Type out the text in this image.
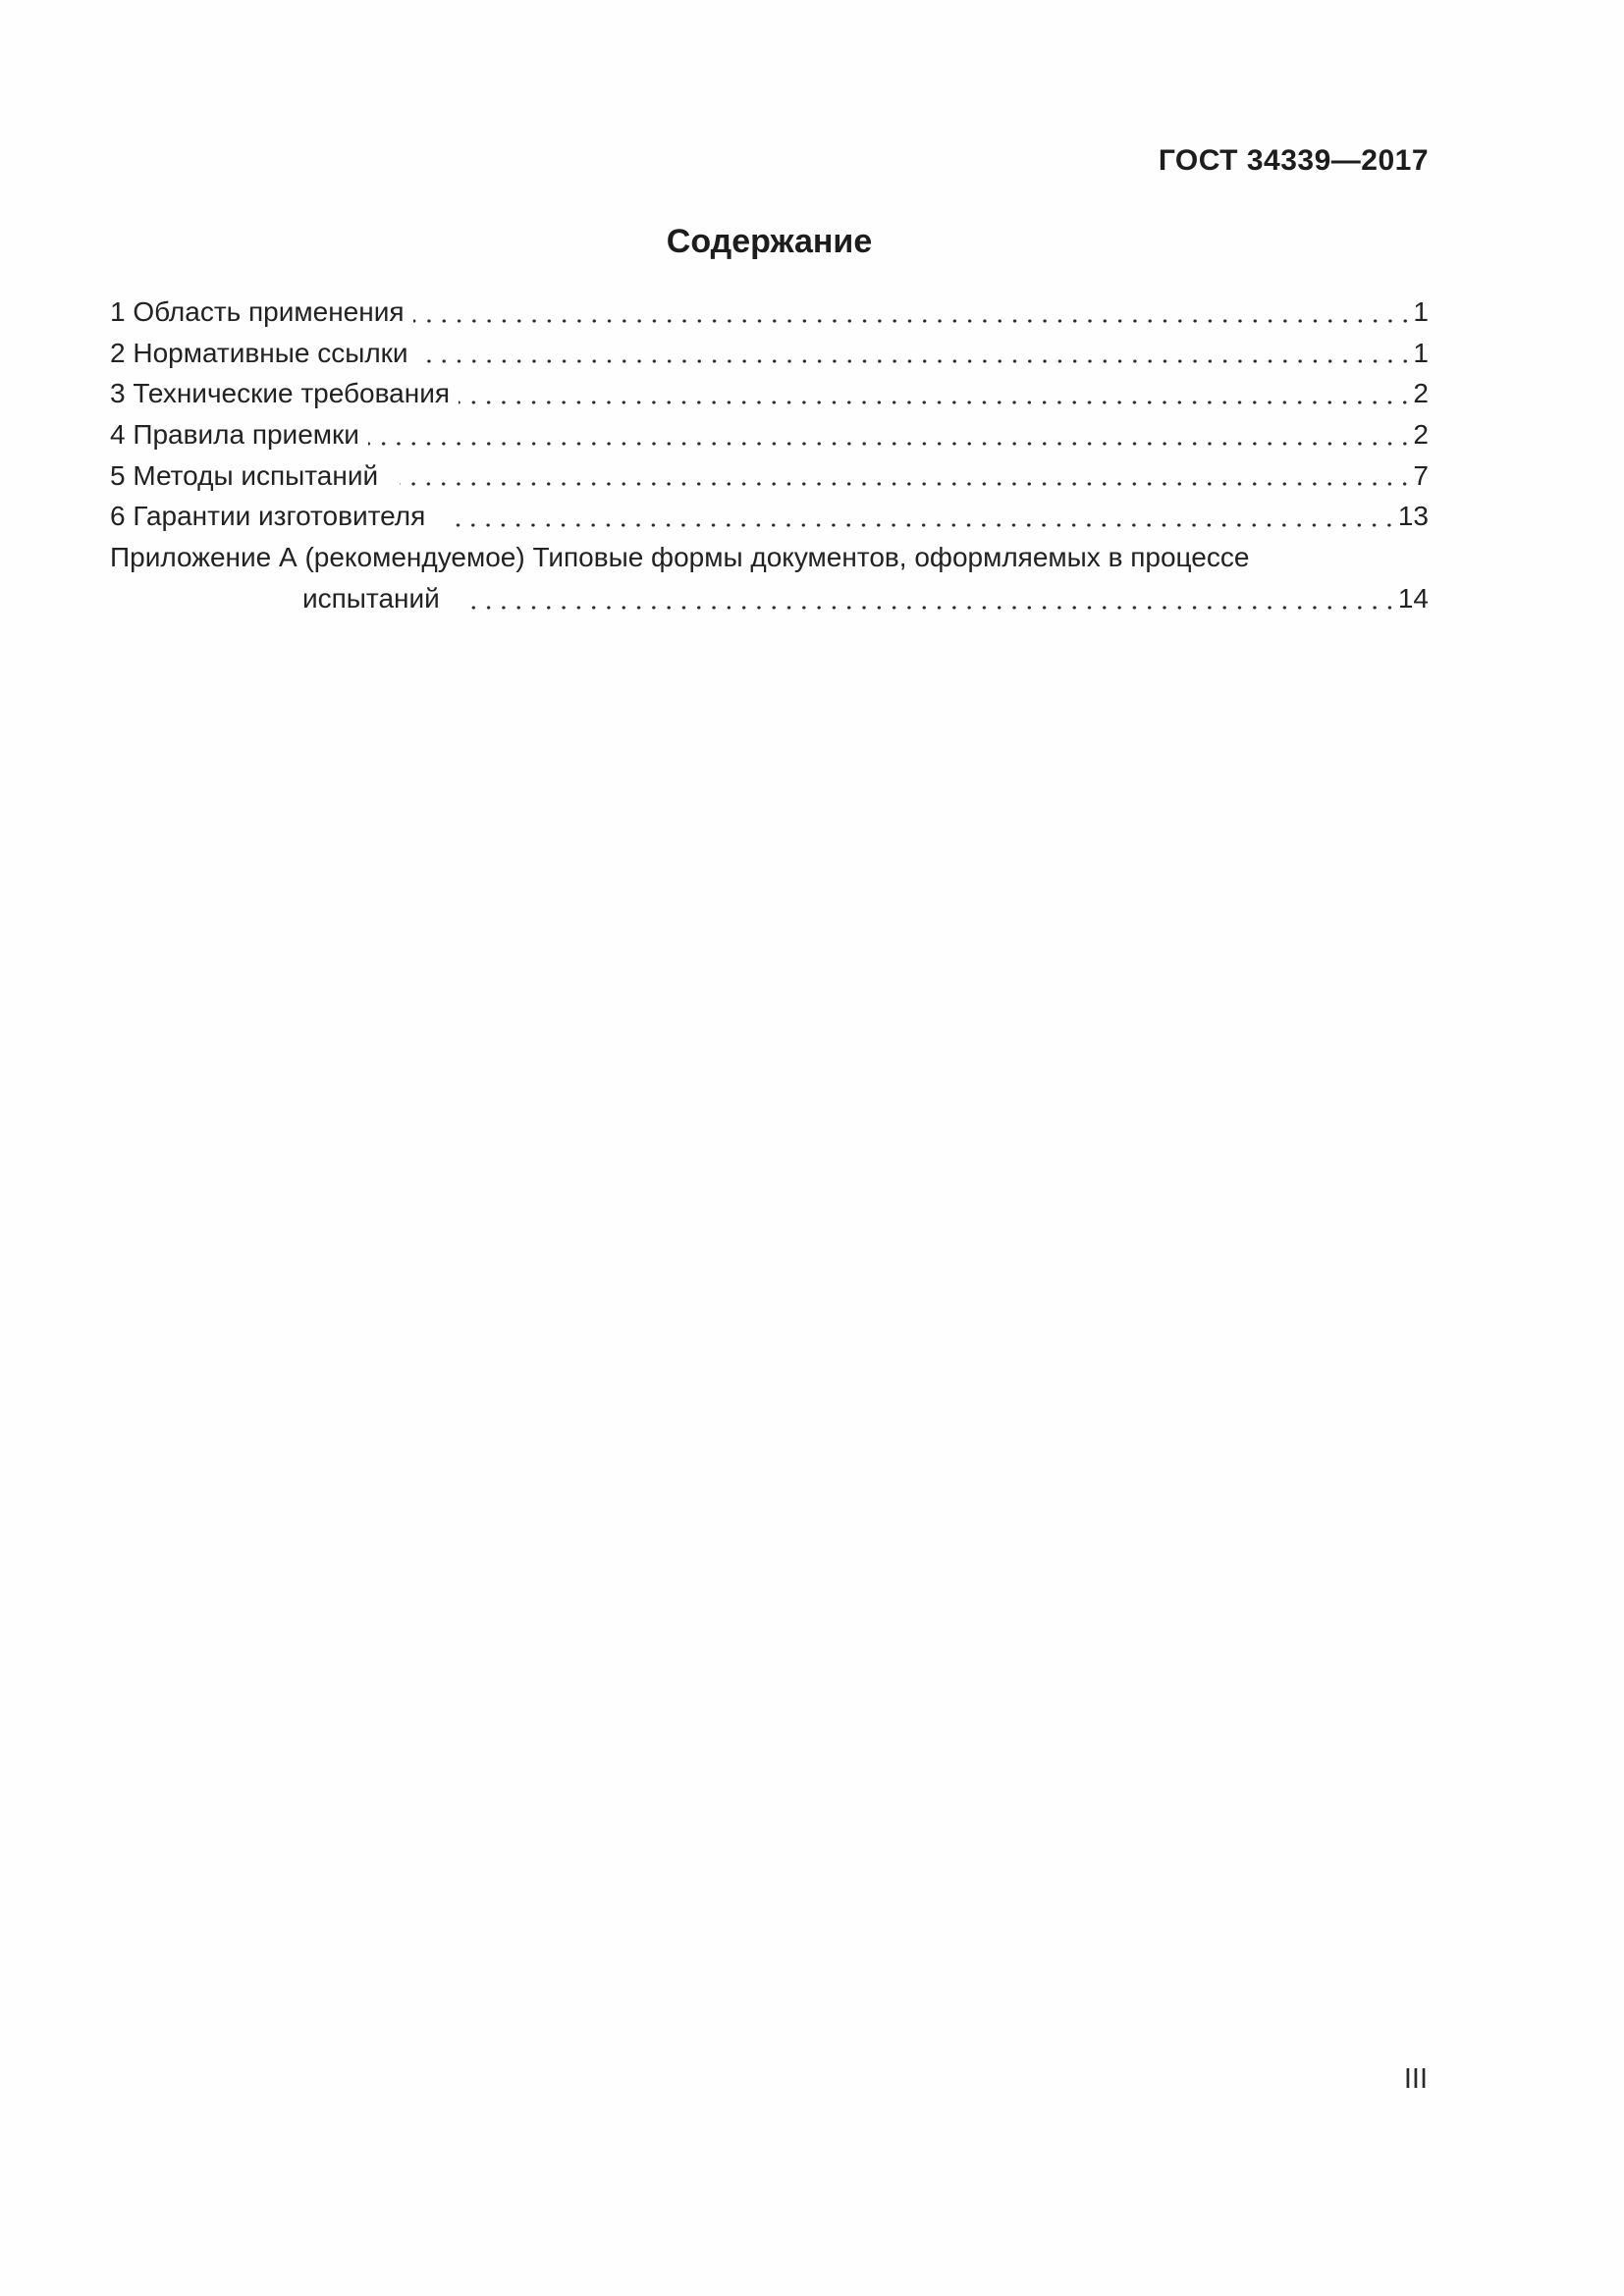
ГОСТ 34339—2017
Содержание
1 Область применения	1
2 Нормативные ссылки	1
3 Технические требования	2
4 Правила приемки	2
5 Методы испытаний	7
6 Гарантии изготовителя	13
Приложение А (рекомендуемое) Типовые формы документов, оформляемых в процессе
испытаний	14
III
